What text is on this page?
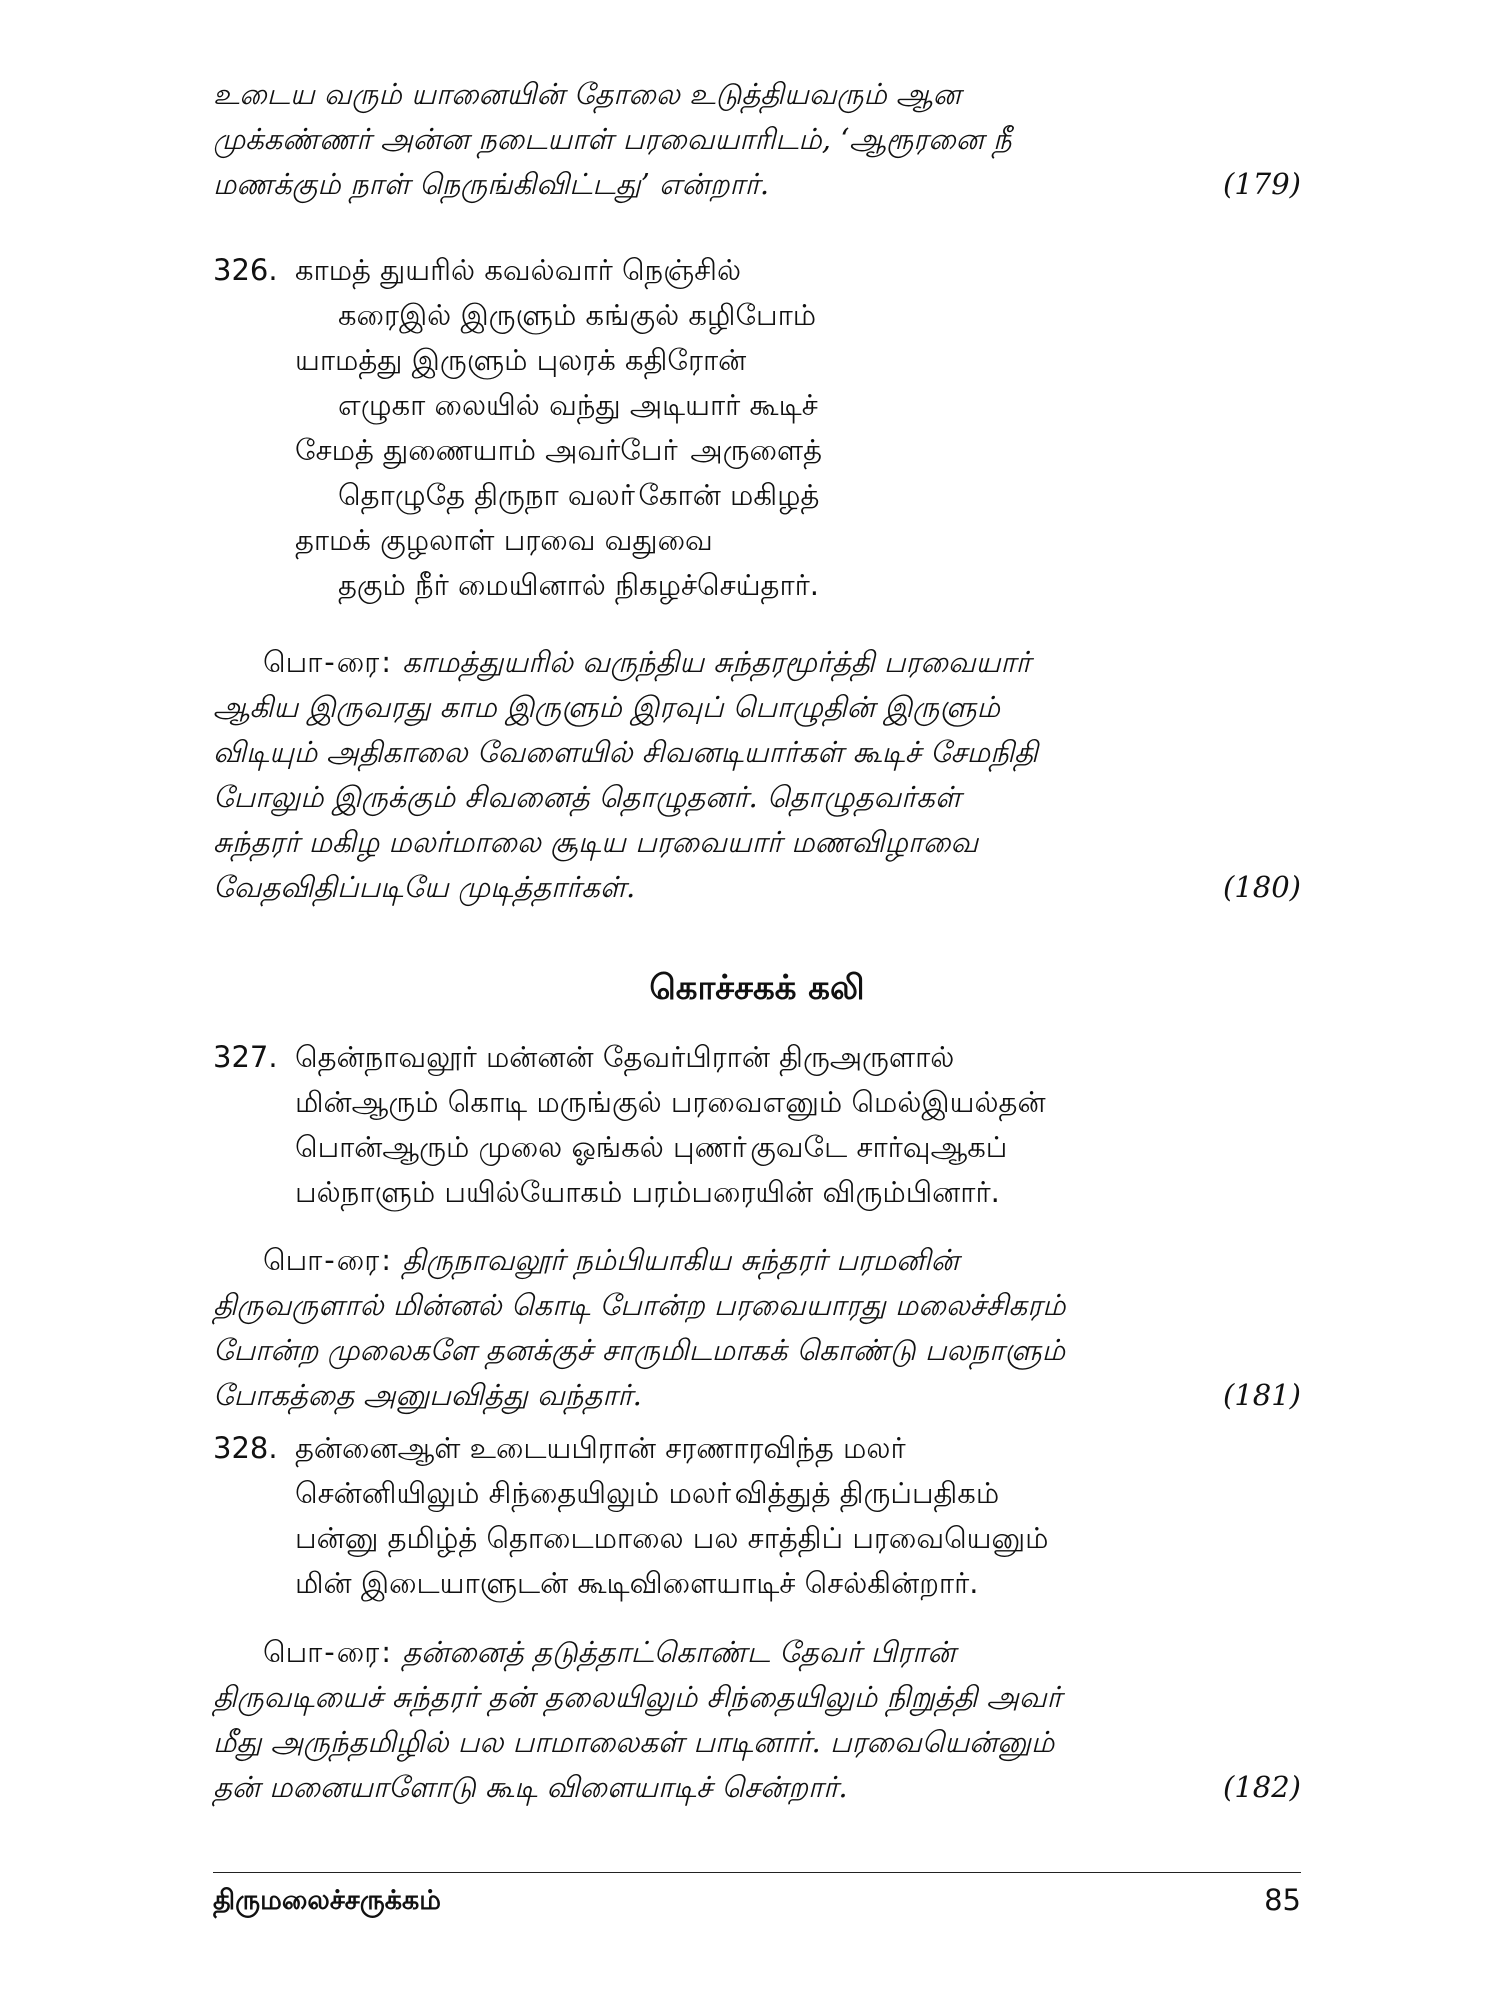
உடைய வரும் யானையின் தோலை உடுத்தியவரும் ஆன
முக்கண்ணர் அன்ன நடையாள் பரவையாரிடம், ‘ஆரூரனை நீ
மணக்கும் நாள் நெருங்கிவிட்டது’ என்றார்.	(179)
326. காமத் துயரில் கவல்வார் நெஞ்சில்
கரைஇல் இருளும் கங்குல் கழிபோம்
யாமத்து இருளும் புலரக் கதிரோன்
எழுகா லையில் வந்து அடியார் கூடிச்
சேமத் துணையாம் அவர்போ் அருளைத்
தொழுதே திருநா வலா்கோன் மகிழத்
தாமக் குழலாள் பரவை வதுவை
தகும் நீர் மையினால் நிகழச்செய்தார்.
பொ-ரை: காமத்துயரில் வருந்திய சுந்தரமூர்த்தி பரவையார்
ஆகிய இருவரது காம இருளும் இரவுப் பொழுதின் இருளும்
விடியும் அதிகாலை வேளையில் சிவனடியார்கள் கூடிச் சேமநிதி
போலும் இருக்கும் சிவனைத் தொழுதனர். தொழுதவர்கள்
சுந்தரர் மகிழ மலர்மாலை சூடிய பரவையார் மணவிழாவை
வேதவிதிப்படியே முடித்தார்கள்.	(180)
கொச்சகக் கலி
327. தென்நாவலூர் மன்னன் தேவர்பிரான் திருஅருளால்
மின்ஆரும் கொடி மருங்குல் பரவைஎனும் மெல்இயல்தன்
பொன்ஆரும் முலை ஓங்கல் புணா்குவடே சார்வுஆகப்
பல்நாளும் பயில்யோகம் பரம்பரையின் விரும்பினார்.
பொ-ரை: திருநாவலூர் நம்பியாகிய சுந்தரர் பரமனின்
திருவருளால் மின்னல் கொடி போன்ற பரவையாரது மலைச்சிகரம்
போன்ற முலைகளே தனக்குச் சாருமிடமாகக் கொண்டு பலநாளும்
போகத்தை அனுபவித்து வந்தார்.	(181)
328. தன்னைஆள் உடையபிரான் சரணாரவிந்த மலா்
சென்னியிலும் சிந்தையிலும் மலா்வித்துத் திருப்பதிகம்
பன்னு தமிழ்த் தொடைமாலை பல சாத்திப் பரவையெனும்
மின் இடையாளுடன் கூடிவிளையாடிச் செல்கின்றார்.
பொ-ரை: தன்னைத் தடுத்தாட்கொண்ட தேவர் பிரான்
திருவடியைச் சுந்தரர் தன் தலையிலும் சிந்தையிலும் நிறுத்தி அவர்
மீது அருந்தமிழில் பல பாமாலைகள் பாடினார். பரவையென்னும்
தன் மனையாளோடு கூடி விளையாடிச் சென்றார்.	(182)
திருமலைச்சருக்கம்	85
